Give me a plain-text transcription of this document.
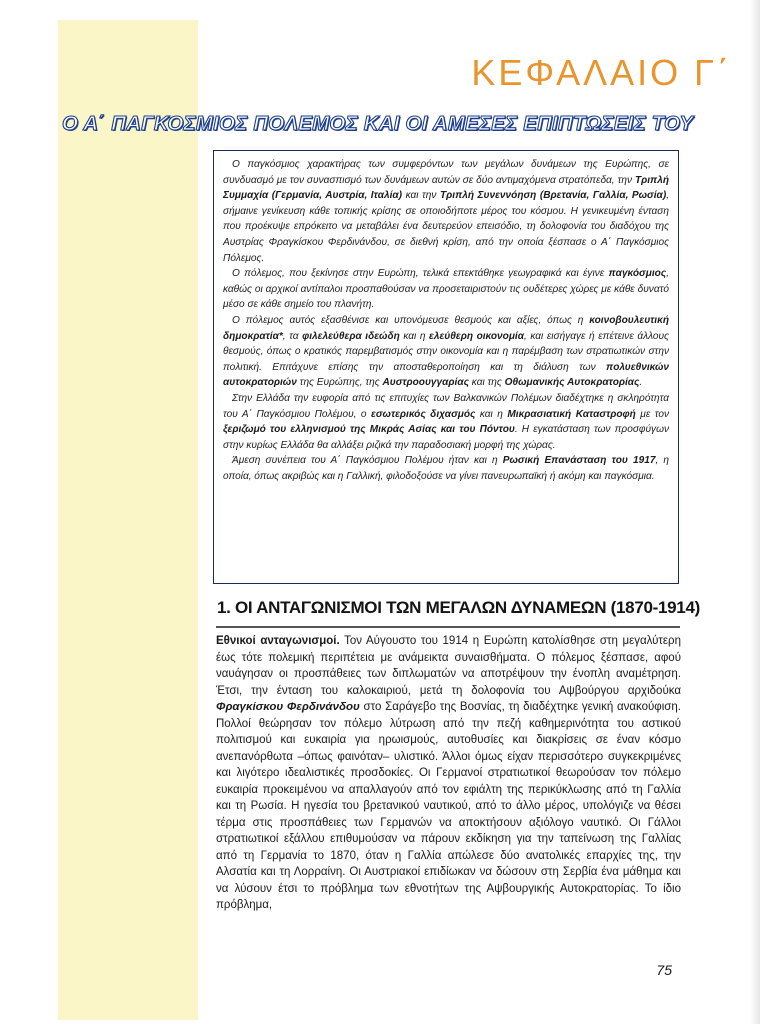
ΚΕΦΑΛΑΙΟ Γ΄
Ο Α΄ ΠΑΓΚΟΣΜΙΟΣ ΠΟΛΕΜΟΣ ΚΑΙ ΟΙ ΑΜΕΣΕΣ ΕΠΙΠΤΩΣΕΙΣ ΤΟΥ

Ο παγκόσμιος χαρακτήρας των συμφερόντων των μεγάλων δυνάμεων της Ευρώπης, σε συνδυασμό με τον συνασπισμό των δυνάμεων αυτών σε δύο αντιμαχόμενα στρατόπεδα, την Τριπλή Συμμαχία (Γερμανία, Αυστρία, Ιταλία) και την Τριπλή Συνεννόηση (Βρετανία, Γαλλία, Ρωσία), σήμαινε γενίκευση κάθε τοπικής κρίσης σε οποιοδήποτε μέρος του κόσμου. Η γενικευμένη ένταση που προέκυψε επρόκειτο να μεταβάλει ένα δευτερεύον επεισόδιο, τη δολοφονία του διαδόχου της Αυστρίας Φραγκίσκου Φερδινάνδου, σε διεθνή κρίση, από την οποία ξέσπασε ο Α΄ Παγκόσμιος Πόλεμος.

Ο πόλεμος, που ξεκίνησε στην Ευρώπη, τελικά επεκτάθηκε γεωγραφικά και έγινε παγκόσμιος, καθώς οι αρχικοί αντίπαλοι προσπαθούσαν να προσεταιριστούν τις ουδέτερες χώρες με κάθε δυνατό μέσο σε κάθε σημείο του πλανήτη.

Ο πόλεμος αυτός εξασθένισε και υπονόμευσε θεσμούς και αξίες, όπως η κοινοβουλευτική δημοκρατία*, τα φιλελεύθερα ιδεώδη και η ελεύθερη οικονομία, και εισήγαγε ή επέτεινε άλλους θεσμούς, όπως ο κρατικός παρεμβατισμός στην οικονομία και η παρέμβαση των στρατιωτικών στην πολιτική. Επιτάχυνε επίσης την αποσταθεροποίηση και τη διάλυση των πολυεθνικών αυτοκρατοριών της Ευρώπης, της Αυστροουγγαρίας και της Οθωμανικής Αυτοκρατορίας.

Στην Ελλάδα την ευφορία από τις επιτυχίες των Βαλκανικών Πολέμων διαδέχτηκε η σκληρότητα του Α΄ Παγκόσμιου Πολέμου, ο εσωτερικός διχασμός και η Μικρασιατική Καταστροφή με τον ξεριζωμό του ελληνισμού της Μικράς Ασίας και του Πόντου. Η εγκατάσταση των προσφύγων στην κυρίως Ελλάδα θα αλλάξει ριζικά την παραδοσιακή μορφή της χώρας.

Άμεση συνέπεια του Α΄ Παγκόσμιου Πολέμου ήταν και η Ρωσική Επανάσταση του 1917, η οποία, όπως ακριβώς και η Γαλλική, φιλοδοξούσε να γίνει πανευρωπαϊκή ή ακόμη και παγκόσμια.

1. ΟΙ ΑΝΤΑΓΩΝΙΣΜΟΙ ΤΩΝ ΜΕΓΑΛΩΝ ΔΥΝΑΜΕΩΝ (1870-1914)
Εθνικοί ανταγωνισμοί. Τον Αύγουστο του 1914 η Ευρώπη κατολίσθησε στη μεγαλύτερη έως τότε πολεμική περιπέτεια με ανάμεικτα συναισθήματα. Ο πόλεμος ξέσπασε, αφού ναυάγησαν οι προσπάθειες των διπλωματών να αποτρέψουν την ένοπλη αναμέτρηση. Έτσι, την ένταση του καλοκαιριού, μετά τη δολοφονία του Αψβούργου αρχιδούκα Φραγκίσκου Φερδινάνδου στο Σαράγεβο της Βοσνίας, τη διαδέχτηκε γενική ανακούφιση. Πολλοί θεώρησαν τον πόλεμο λύτρωση από την πεζή καθημερινότητα του αστικού πολιτισμού και ευκαιρία για ηρωισμούς, αυτοθυσίες και διακρίσεις σε έναν κόσμο ανεπανόρθωτα –όπως φαινόταν– υλιστικό. Άλλοι όμως είχαν περισσότερο συγκεκριμένες και λιγότερο ιδεαλιστικές προσδοκίες. Οι Γερμανοί στρατιωτικοί θεωρούσαν τον πόλεμο ευκαιρία προκειμένου να απαλλαγούν από τον εφιάλτη της περικύκλωσης από τη Γαλλία και τη Ρωσία. Η ηγεσία του βρετανικού ναυτικού, από το άλλο μέρος, υπολόγιζε να θέσει τέρμα στις προσπάθειες των Γερμανών να αποκτήσουν αξιόλογο ναυτικό. Οι Γάλλοι στρατιωτικοί εξάλλου επιθυμούσαν να πάρουν εκδίκηση για την ταπείνωση της Γαλλίας από τη Γερμανία το 1870, όταν η Γαλλία απώλεσε δύο ανατολικές επαρχίες της, την Αλσατία και τη Λορραίνη. Οι Αυστριακοί επιδίωκαν να δώσουν στη Σερβία ένα μάθημα και να λύσουν έτσι το πρόβλημα των εθνοτήτων της Αψβουργικής Αυτοκρατορίας. Το ίδιο πρόβλημα,
75
